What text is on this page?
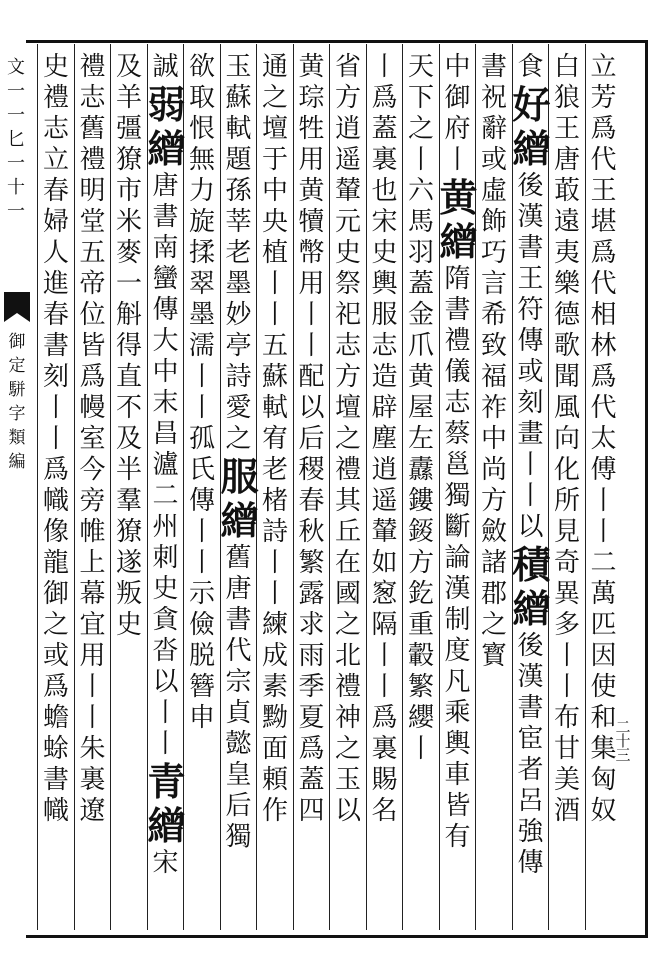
文
一
一
匕
一
十
一
御
定
駢
字
類
編
二
十
三
立
芳
爲
代
王
堪
爲
代
相
林
爲
代
太
傅
丨
丨
二
萬
匹
因
使
和
集
匈
奴
白
狼
王
唐
菆
遠
夷
樂
德
歌
聞
風
向
化
所
見
奇
異
多
丨
丨
布
甘
美
酒
食
好
繒
後
漢
書
王
符
傳
或
刻
畫
丨
丨
以
積
繒
後
漢
書
宦
者
呂
強
傳
書
祝
辭
或
虛
飾
巧
言
希
致
福
祚
中
尚
方
斂
諸
郡
之
寳
中
御
府
丨
黄
繒
隋
書
禮
儀
志
蔡
邕
獨
斷
論
漢
制
度
凡
乘
輿
車
皆
有
天
下
之
丨
六
馬
羽
蓋
金
爪
黄
屋
左
纛
鏤
錽
方
釳
重
轂
繁
纓
丨
丨
爲
蓋
裏
也
宋
史
輿
服
志
造
辟
塵
逍
遥
輦
如
䆫
隔
丨
丨
爲
裏
賜
名
省
方
逍
遥
輦
元
史
祭
祀
志
方
壇
之
禮
其
丘
在
國
之
北
禮
神
之
玉
以
黄
琮
牲
用
黄
犢
幣
用
丨
丨
配
以
后
稷
春
秋
繁
露
求
雨
季
夏
爲
蓋
四
通
之
壇
于
中
央
植
丨
丨
五
蘇
軾
宥
老
楮
詩
丨
丨
練
成
素
黝
面
頼
作
玉
蘇
軾
題
孫
莘
老
墨
妙
亭
詩
愛
之
服
繒
舊
唐
書
代
宗
貞
懿
皇
后
獨
欲
取
恨
無
力
旋
揉
翠
墨
濡
丨
丨
孤
氏
傳
丨
丨
示
儉
脱
簪
申
誠
弱
繒
唐
書
南
蠻
傳
大
中
末
昌
瀘
二
州
刺
史
貪
沓
以
丨
丨
青
繒
宋
及
羊
彊
獠
市
米
麥
一
斛
得
直
不
及
半
羣
獠
遂
叛
史
禮
志
舊
禮
明
堂
五
帝
位
皆
爲
幔
室
今
旁
帷
上
幕
宜
用
丨
丨
朱
裏
遼
史
禮
志
立
春
婦
人
進
春
書
刻
丨
丨
爲
幟
像
龍
御
之
或
爲
蟾
蜍
書
幟
